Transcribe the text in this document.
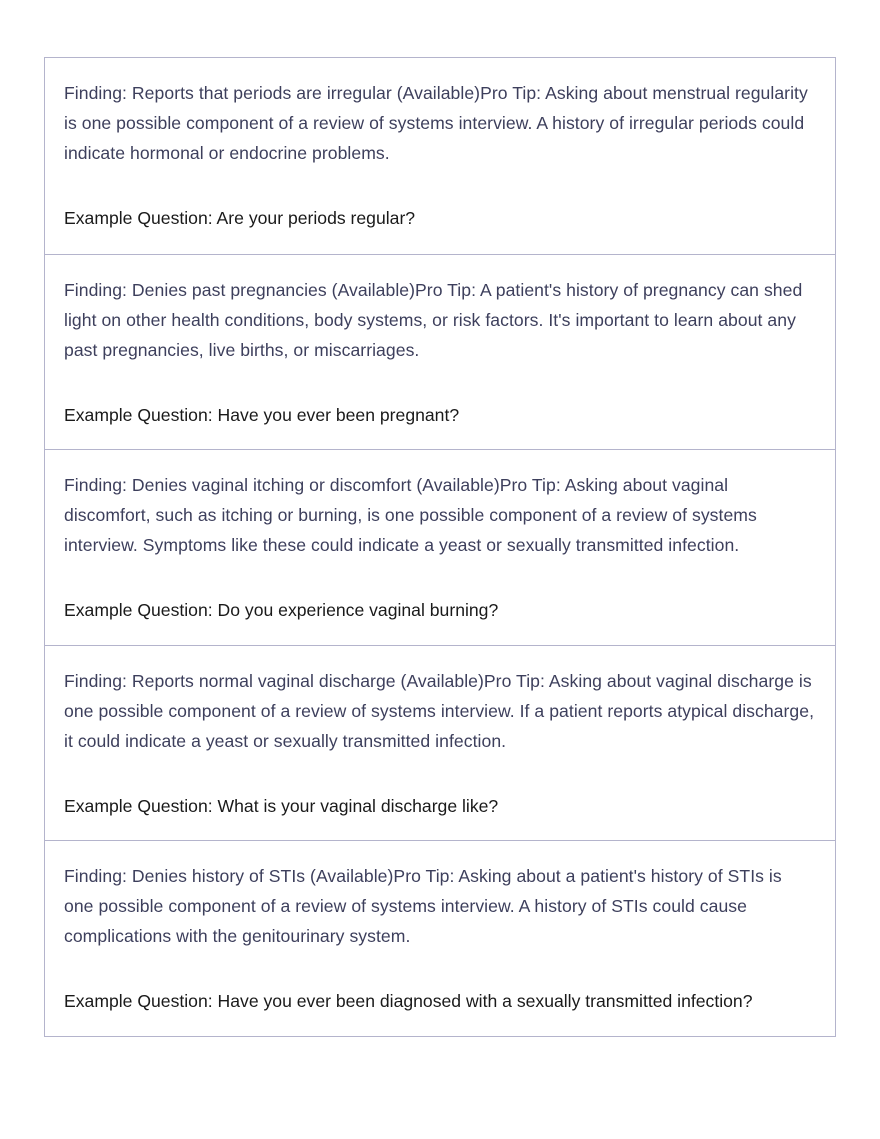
Finding: Reports that periods are irregular (Available)Pro Tip: Asking about menstrual regularity is one possible component of a review of systems interview. A history of irregular periods could indicate hormonal or endocrine problems.

Example Question: Are your periods regular?

Finding: Denies past pregnancies (Available)Pro Tip: A patient's history of pregnancy can shed light on other health conditions, body systems, or risk factors. It's important to learn about any past pregnancies, live births, or miscarriages.

Example Question: Have you ever been pregnant?

Finding: Denies vaginal itching or discomfort (Available)Pro Tip: Asking about vaginal discomfort, such as itching or burning, is one possible component of a review of systems interview. Symptoms like these could indicate a yeast or sexually transmitted infection.

Example Question: Do you experience vaginal burning?

Finding: Reports normal vaginal discharge (Available)Pro Tip: Asking about vaginal discharge is one possible component of a review of systems interview. If a patient reports atypical discharge, it could indicate a yeast or sexually transmitted infection.

Example Question: What is your vaginal discharge like?

Finding: Denies history of STIs (Available)Pro Tip: Asking about a patient's history of STIs is one possible component of a review of systems interview. A history of STIs could cause complications with the genitourinary system.

Example Question: Have you ever been diagnosed with a sexually transmitted infection?
